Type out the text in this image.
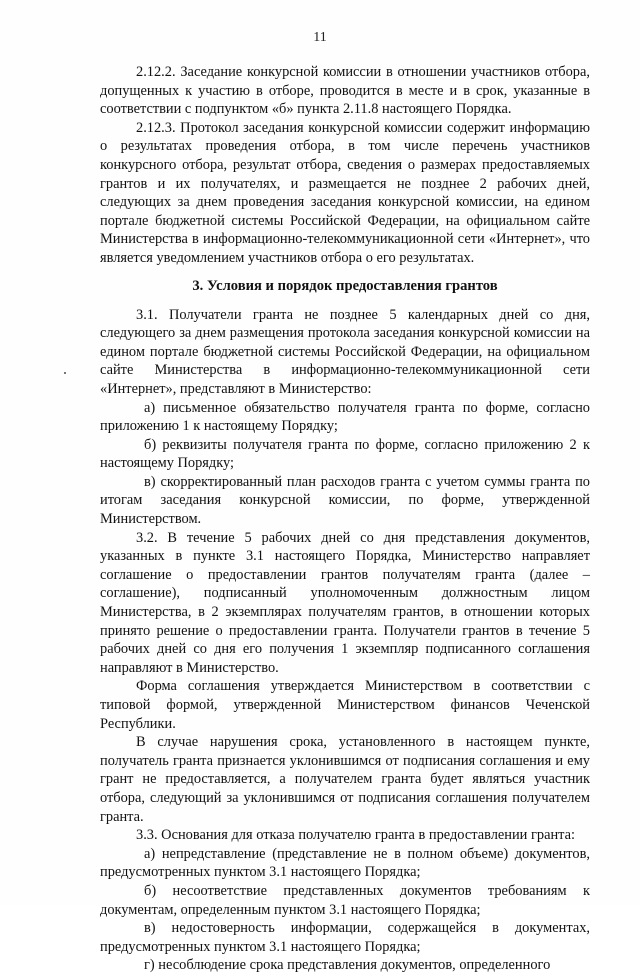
11

2.12.2. Заседание конкурсной комиссии в отношении участников отбора, допущенных к участию в отборе, проводится в месте и в срок, указанные в соответствии с подпунктом «б» пункта 2.11.8 настоящего Порядка.

2.12.3. Протокол заседания конкурсной комиссии содержит информацию о результатах проведения отбора, в том числе перечень участников конкурсного отбора, результат отбора, сведения о размерах предоставляемых грантов и их получателях, и размещается не позднее 2 рабочих дней, следующих за днем проведения заседания конкурсной комиссии, на едином портале бюджетной системы Российской Федерации, на официальном сайте Министерства в информационно-телекоммуникационной сети «Интернет», что является уведомлением участников отбора о его результатах.

3. Условия и порядок предоставления грантов

3.1. Получатели гранта не позднее 5 календарных дней со дня, следующего за днем размещения протокола заседания конкурсной комиссии на едином портале бюджетной системы Российской Федерации, на официальном сайте Министерства в информационно-телекоммуникационной сети «Интернет», представляют в Министерство:

а) письменное обязательство получателя гранта по форме, согласно приложению 1 к настоящему Порядку;

б) реквизиты получателя гранта по форме, согласно приложению 2 к настоящему Порядку;

в) скорректированный план расходов гранта с учетом суммы гранта по итогам заседания конкурсной комиссии, по форме, утвержденной Министерством.

3.2. В течение 5 рабочих дней со дня представления документов, указанных в пункте 3.1 настоящего Порядка, Министерство направляет соглашение о предоставлении грантов получателям гранта (далее – соглашение), подписанный уполномоченным должностным лицом Министерства, в 2 экземплярах получателям грантов, в отношении которых принято решение о предоставлении гранта. Получатели грантов в течение 5 рабочих дней со дня его получения 1 экземпляр подписанного соглашения направляют в Министерство.

Форма соглашения утверждается Министерством в соответствии с типовой формой, утвержденной Министерством финансов Чеченской Республики.

В случае нарушения срока, установленного в настоящем пункте, получатель гранта признается уклонившимся от подписания соглашения и ему грант не предоставляется, а получателем гранта будет являться участник отбора, следующий за уклонившимся от подписания соглашения получателем гранта.

3.3. Основания для отказа получателю гранта в предоставлении гранта:

а) непредставление (представление не в полном объеме) документов, предусмотренных пунктом 3.1 настоящего Порядка;

б) несоответствие представленных документов требованиям к документам, определенным пунктом 3.1 настоящего Порядка;

в) недостоверность информации, содержащейся в документах, предусмотренных пунктом 3.1 настоящего Порядка;

г) несоблюдение срока представления документов, определенного
